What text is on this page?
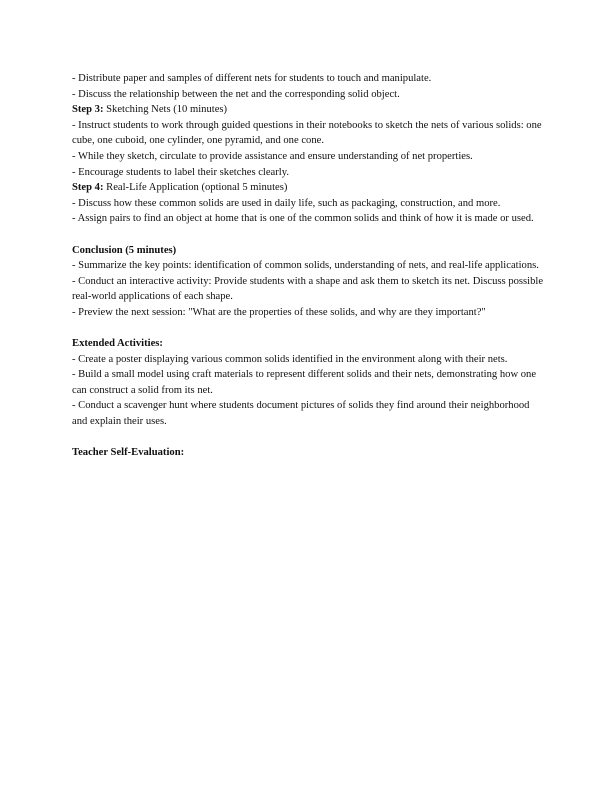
- Distribute paper and samples of different nets for students to touch and manipulate.

- Discuss the relationship between the net and the corresponding solid object.

Step 3: Sketching Nets (10 minutes)

- Instruct students to work through guided questions in their notebooks to sketch the nets of various solids: one cube, one cuboid, one cylinder, one pyramid, and one cone.

- While they sketch, circulate to provide assistance and ensure understanding of net properties.

- Encourage students to label their sketches clearly.

Step 4: Real-Life Application (optional 5 minutes)

- Discuss how these common solids are used in daily life, such as packaging, construction, and more.

- Assign pairs to find an object at home that is one of the common solids and think of how it is made or used.

Conclusion (5 minutes)

- Summarize the key points: identification of common solids, understanding of nets, and real-life applications.

- Conduct an interactive activity: Provide students with a shape and ask them to sketch its net. Discuss possible real-world applications of each shape.

- Preview the next session: "What are the properties of these solids, and why are they important?"

Extended Activities:

- Create a poster displaying various common solids identified in the environment along with their nets.

- Build a small model using craft materials to represent different solids and their nets, demonstrating how one can construct a solid from its net.

- Conduct a scavenger hunt where students document pictures of solids they find around their neighborhood and explain their uses.

Teacher Self-Evaluation:
